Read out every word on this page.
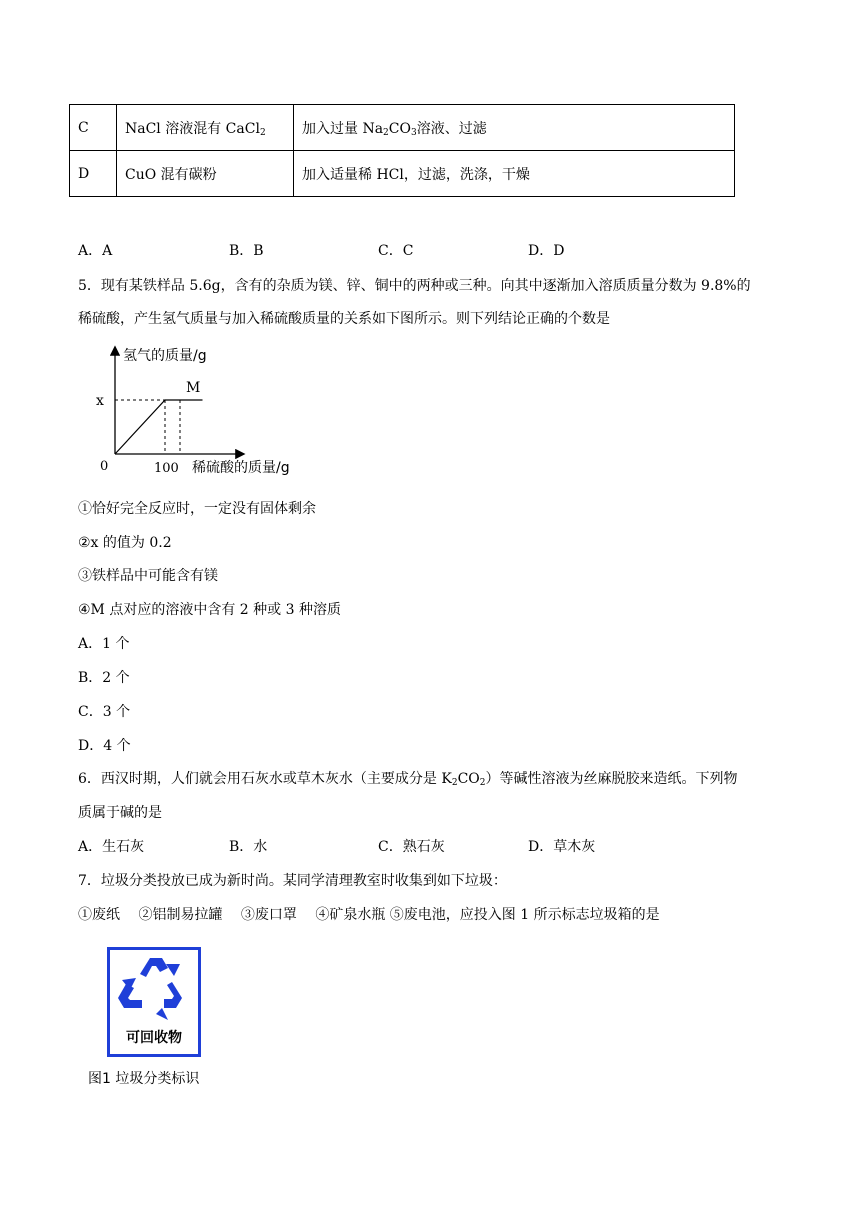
C	NaCl 溶液混有 CaCl$_2$	加入过量 $Na_2CO_3$溶液、过滤
D	CuO 混有碳粉	加入适量稀 HCl，过滤，洗涤，干燥
A．A	B．B	C．C	D．D
5．现有某铁样品 5.6g，含有的杂质为镁、锌、铜中的两种或三种。向其中逐渐加入溶质质量分数为 9.8%的
稀硫酸，产生氢气质量与加入稀硫酸质量的关系如下图所示。则下列结论正确的个数是
氢气的质量/g
稀硫酸的质量/g
0	100
x
M
①恰好完全反应时，一定没有固体剩余
②x 的值为 0.2
③铁样品中可能含有镁
④M 点对应的溶液中含有 2 种或 3 种溶质
A．1 个
B．2 个
C．3 个
D．4 个
6．西汉时期，人们就会用石灰水或草木灰水（主要成分是 $K_2CO_2$）等碱性溶液为丝麻脱胶来造纸。下列物
质属于碱的是
A．生石灰	B．水	C．熟石灰	D．草木灰
7．垃圾分类投放已成为新时尚。某同学清理教室时收集到如下垃圾：
①废纸　 ②铝制易拉罐　 ③废口罩　 ④矿泉水瓶 ⑤废电池，应投入图 1 所示标志垃圾箱的是
可回收物
图1 垃圾分类标识
